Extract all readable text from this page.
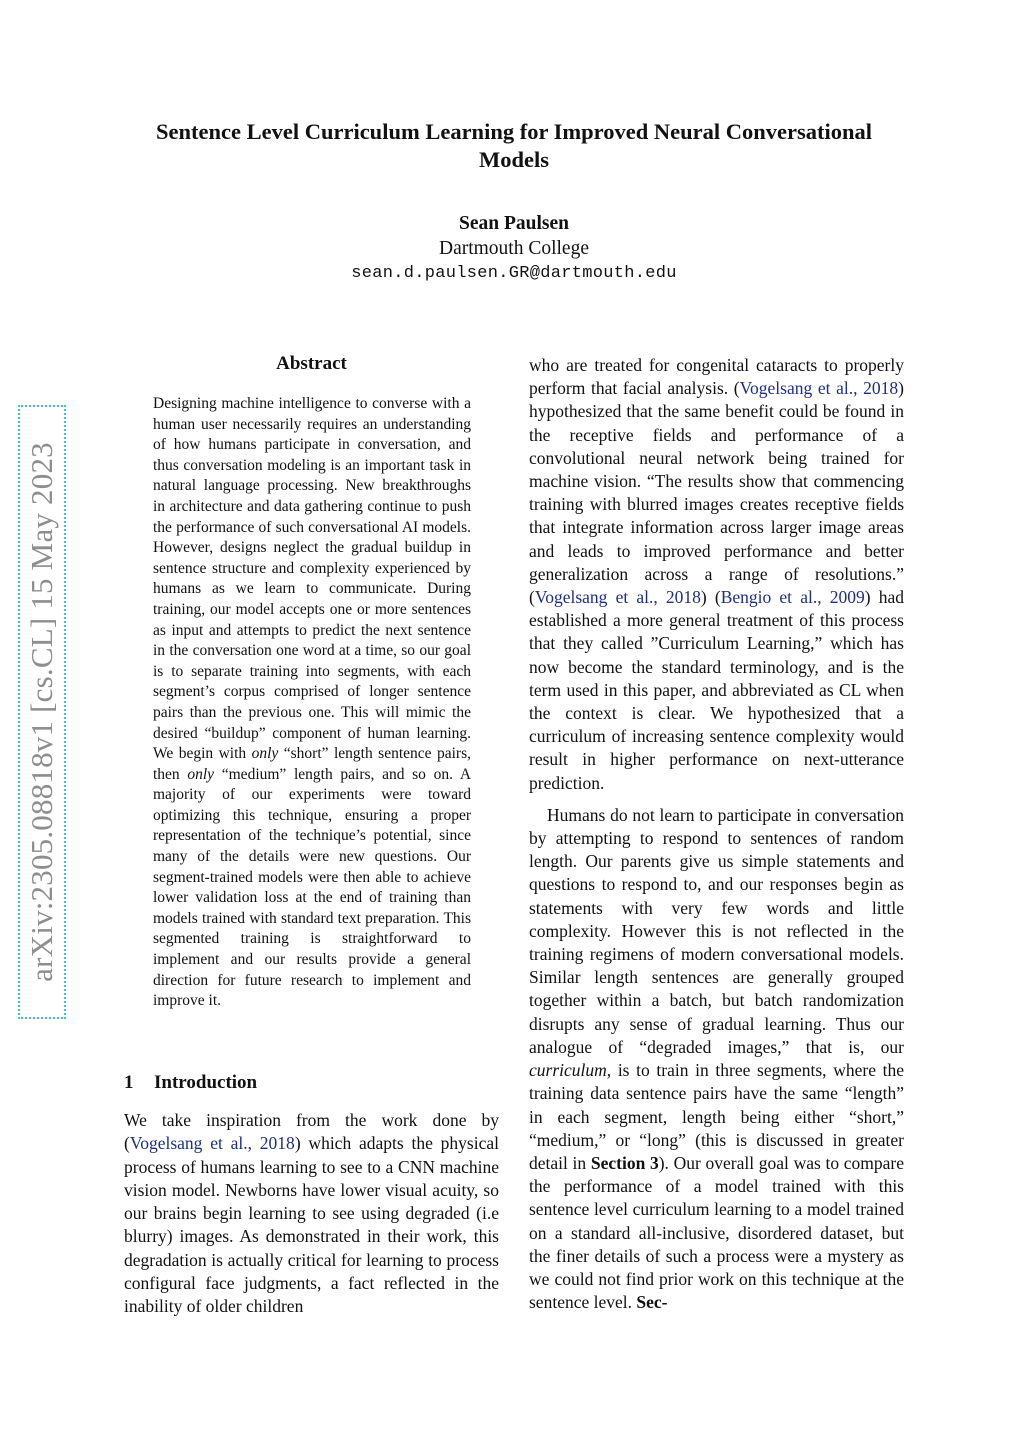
arXiv:2305.08818v1 [cs.CL] 15 May 2023
Sentence Level Curriculum Learning for Improved Neural Conversational Models
Sean Paulsen
Dartmouth College
sean.d.paulsen.GR@dartmouth.edu
Abstract

Designing machine intelligence to converse with a human user necessarily requires an understanding of how humans participate in conversation, and thus conversation modeling is an important task in natural language processing. New breakthroughs in architecture and data gathering continue to push the performance of such conversational AI models. However, designs neglect the gradual buildup in sentence structure and complexity experienced by humans as we learn to communicate. During training, our model accepts one or more sentences as input and attempts to predict the next sentence in the conversation one word at a time, so our goal is to separate training into segments, with each segment’s corpus comprised of longer sentence pairs than the previous one. This will mimic the desired “buildup” component of human learning. We begin with only “short” length sentence pairs, then only “medium” length pairs, and so on. A majority of our experiments were toward optimizing this technique, ensuring a proper representation of the technique’s potential, since many of the details were new questions. Our segment-trained models were then able to achieve lower validation loss at the end of training than models trained with standard text preparation. This segmented training is straightforward to implement and our results provide a general direction for future research to implement and improve it.

1 Introduction

We take inspiration from the work done by (Vogelsang et al., 2018) which adapts the physical process of humans learning to see to a CNN machine vision model. Newborns have lower visual acuity, so our brains begin learning to see using degraded (i.e blurry) images. As demonstrated in their work, this degradation is actually critical for learning to process configural face judgments, a fact reflected in the inability of older children

who are treated for congenital cataracts to properly perform that facial analysis. (Vogelsang et al., 2018) hypothesized that the same benefit could be found in the receptive fields and performance of a convolutional neural network being trained for machine vision. “The results show that commencing training with blurred images creates receptive fields that integrate information across larger image areas and leads to improved performance and better generalization across a range of resolutions.” (Vogelsang et al., 2018) (Bengio et al., 2009) had established a more general treatment of this process that they called ”Curriculum Learning,” which has now become the standard terminology, and is the term used in this paper, and abbreviated as CL when the context is clear. We hypothesized that a curriculum of increasing sentence complexity would result in higher performance on next-utterance prediction.

Humans do not learn to participate in conversation by attempting to respond to sentences of random length. Our parents give us simple statements and questions to respond to, and our responses begin as statements with very few words and little complexity. However this is not reflected in the training regimens of modern conversational models. Similar length sentences are generally grouped together within a batch, but batch randomization disrupts any sense of gradual learning. Thus our analogue of “degraded images,” that is, our curriculum, is to train in three segments, where the training data sentence pairs have the same “length” in each segment, length being either “short,” “medium,” or “long” (this is discussed in greater detail in Section 3). Our overall goal was to compare the performance of a model trained with this sentence level curriculum learning to a model trained on a standard all-inclusive, disordered dataset, but the finer details of such a process were a mystery as we could not find prior work on this technique at the sentence level. Sec-
